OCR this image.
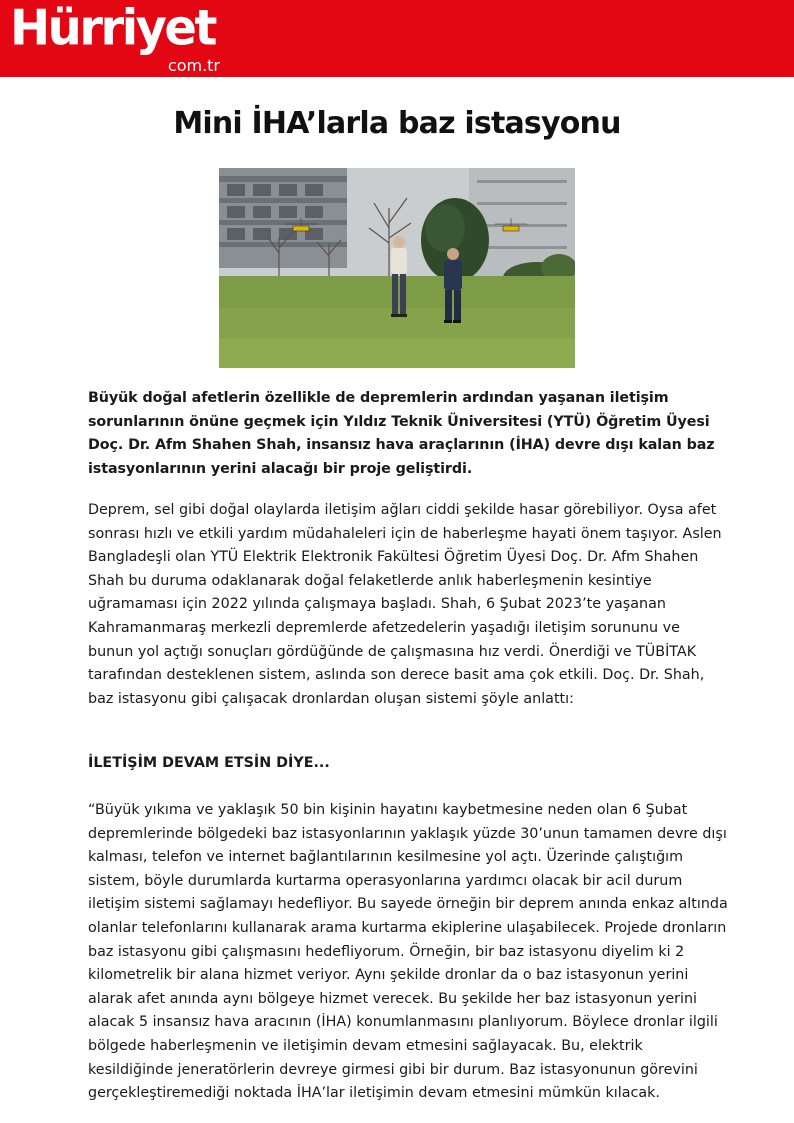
Hürriyet
com.tr
Mini İHA’larla baz istasyonu

Büyük doğal afetlerin özellikle de depremlerin ardından yaşanan iletişim sorunlarının önüne geçmek için Yıldız Teknik Üniversitesi (YTÜ) Öğretim Üyesi Doç. Dr. Afm Shahen Shah, insansız hava araçlarının (İHA) devre dışı kalan baz istasyonlarının yerini alacağı bir proje geliştirdi.

Deprem, sel gibi doğal olaylarda iletişim ağları ciddi şekilde hasar görebiliyor. Oysa afet sonrası hızlı ve etkili yardım müdahaleleri için de haberleşme hayati önem taşıyor. Aslen Bangladeşli olan YTÜ Elektrik Elektronik Fakültesi Öğretim Üyesi Doç. Dr. Afm Shahen Shah bu duruma odaklanarak doğal felaketlerde anlık haberleşmenin kesintiye uğramaması için 2022 yılında çalışmaya başladı. Shah, 6 Şubat 2023’te yaşanan Kahramanmaraş merkezli depremlerde afetzedelerin yaşadığı iletişim sorununu ve bunun yol açtığı sonuçları gördüğünde de çalışmasına hız verdi. Önerdiği ve TÜBİTAK tarafından desteklenen sistem, aslında son derece basit ama çok etkili. Doç. Dr. Shah, baz istasyonu gibi çalışacak dronlardan oluşan sistemi şöyle anlattı:

İLETİŞİM DEVAM ETSİN DİYE...

“Büyük yıkıma ve yaklaşık 50 bin kişinin hayatını kaybetmesine neden olan 6 Şubat depremlerinde bölgedeki baz istasyonlarının yaklaşık yüzde 30’unun tamamen devre dışı kalması, telefon ve internet bağlantılarının kesilmesine yol açtı. Üzerinde çalıştığım sistem, böyle durumlarda kurtarma operasyonlarına yardımcı olacak bir acil durum iletişim sistemi sağlamayı hedefliyor. Bu sayede örneğin bir deprem anında enkaz altında olanlar telefonlarını kullanarak arama kurtarma ekiplerine ulaşabilecek. Projede dronların baz istasyonu gibi çalışmasını hedefliyorum. Örneğin, bir baz istasyonu diyelim ki 2 kilometrelik bir alana hizmet veriyor. Aynı şekilde dronlar da o baz istasyonun yerini alarak afet anında aynı bölgeye hizmet verecek. Bu şekilde her baz istasyonun yerini alacak 5 insansız hava aracının (İHA) konumlanmasını planlıyorum. Böylece dronlar ilgili bölgede haberleşmenin ve iletişimin devam etmesini sağlayacak. Bu, elektrik kesildiğinde jeneratörlerin devreye girmesi gibi bir durum. Baz istasyonunun görevini gerçekleştiremediği noktada İHA’lar iletişimin devam etmesini mümkün kılacak.
